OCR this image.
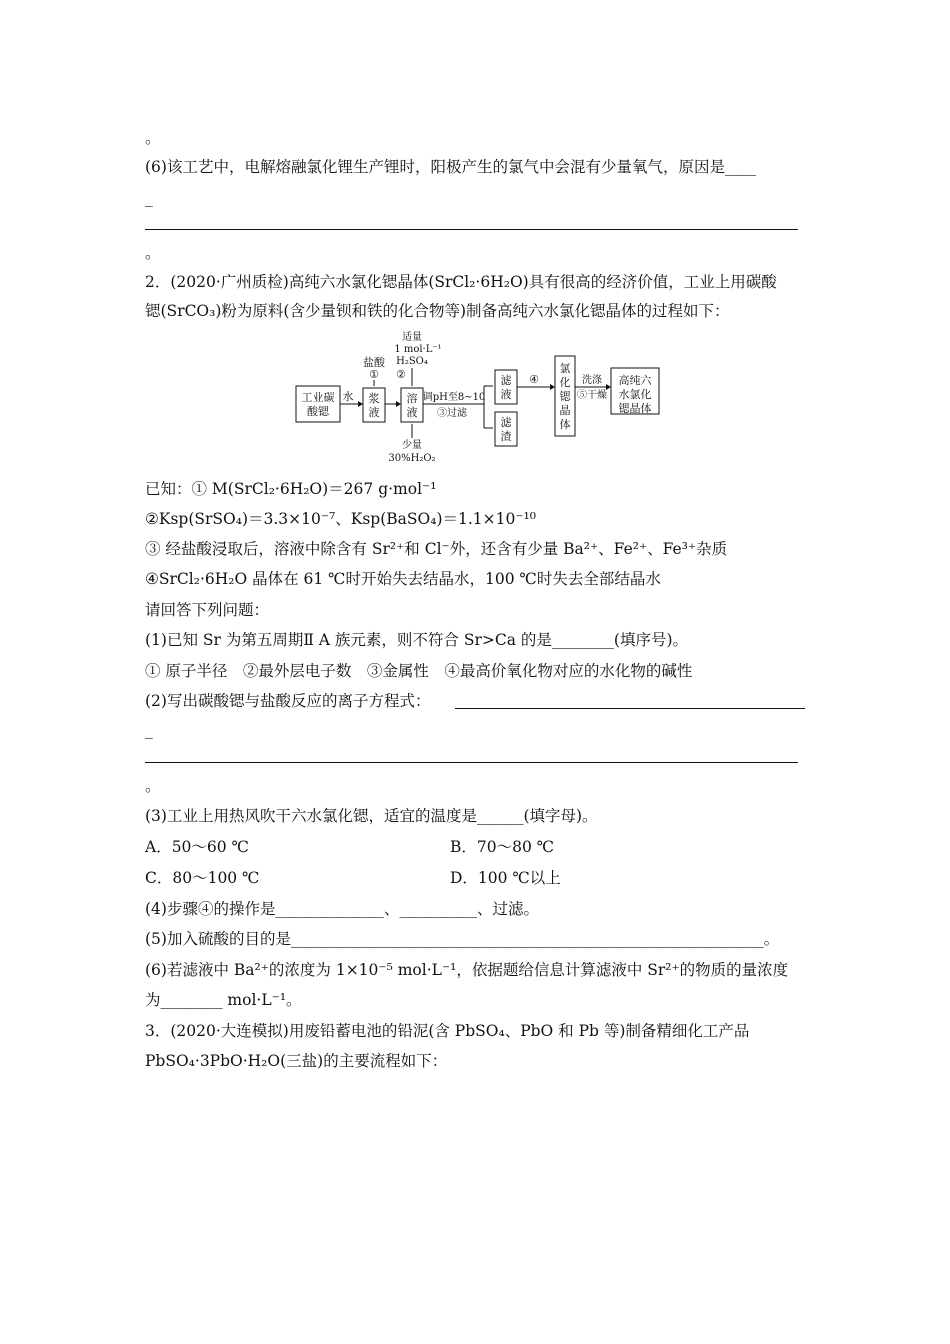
。
(6)该工艺中，电解熔融氯化锂生产锂时，阳极产生的氯气中会混有少量氧气，原因是____
_
。
2．(2020·广州质检)高纯六水氯化锶晶体(SrCl₂·6H₂O)具有很高的经济价值，工业上用碳酸
锶(SrCO₃)粉为原料(含少量钡和铁的化合物等)制备高纯六水氯化锶晶体的过程如下：
工业碳酸锶
水 浆液
盐酸
①
溶液
适量
1 mol·L⁻¹
H₂SO₄
②
少量
30%H₂O₂
调pH至8~10
③过滤
滤液
滤渣
④
氯化锶晶体
洗涤
⑤干燥
高纯六水氯化锶晶体
已知：① M(SrCl₂·6H₂O)＝267 g·mol⁻¹
②Ksp(SrSO₄)＝3.3×10⁻⁷、Ksp(BaSO₄)＝1.1×10⁻¹⁰
③ 经盐酸浸取后，溶液中除含有 Sr²⁺和 Cl⁻外，还含有少量 Ba²⁺、Fe²⁺、Fe³⁺杂质
④SrCl₂·6H₂O 晶体在 61 ℃时开始失去结晶水，100 ℃时失去全部结晶水
请回答下列问题：
(1)已知 Sr 为第五周期Ⅱ A 族元素，则不符合 Sr>Ca 的是________(填序号)。
① 原子半径　②最外层电子数　③金属性　④最高价氧化物对应的水化物的碱性
(2)写出碳酸锶与盐酸反应的离子方程式：
_
。
(3)工业上用热风吹干六水氯化锶，适宜的温度是______(填字母)。
A．50～60 ℃	B．70～80 ℃
C．80～100 ℃	D．100 ℃以上
(4)步骤④的操作是______________、__________、过滤。
(5)加入硫酸的目的是_____________________________________________________________。
(6)若滤液中 Ba²⁺的浓度为 1×10⁻⁵ mol·L⁻¹，依据题给信息计算滤液中 Sr²⁺的物质的量浓度
为________ mol·L⁻¹。
3．(2020·大连模拟)用废铅蓄电池的铅泥(含 PbSO₄、PbO 和 Pb 等)制备精细化工产品
PbSO₄·3PbO·H₂O(三盐)的主要流程如下：
